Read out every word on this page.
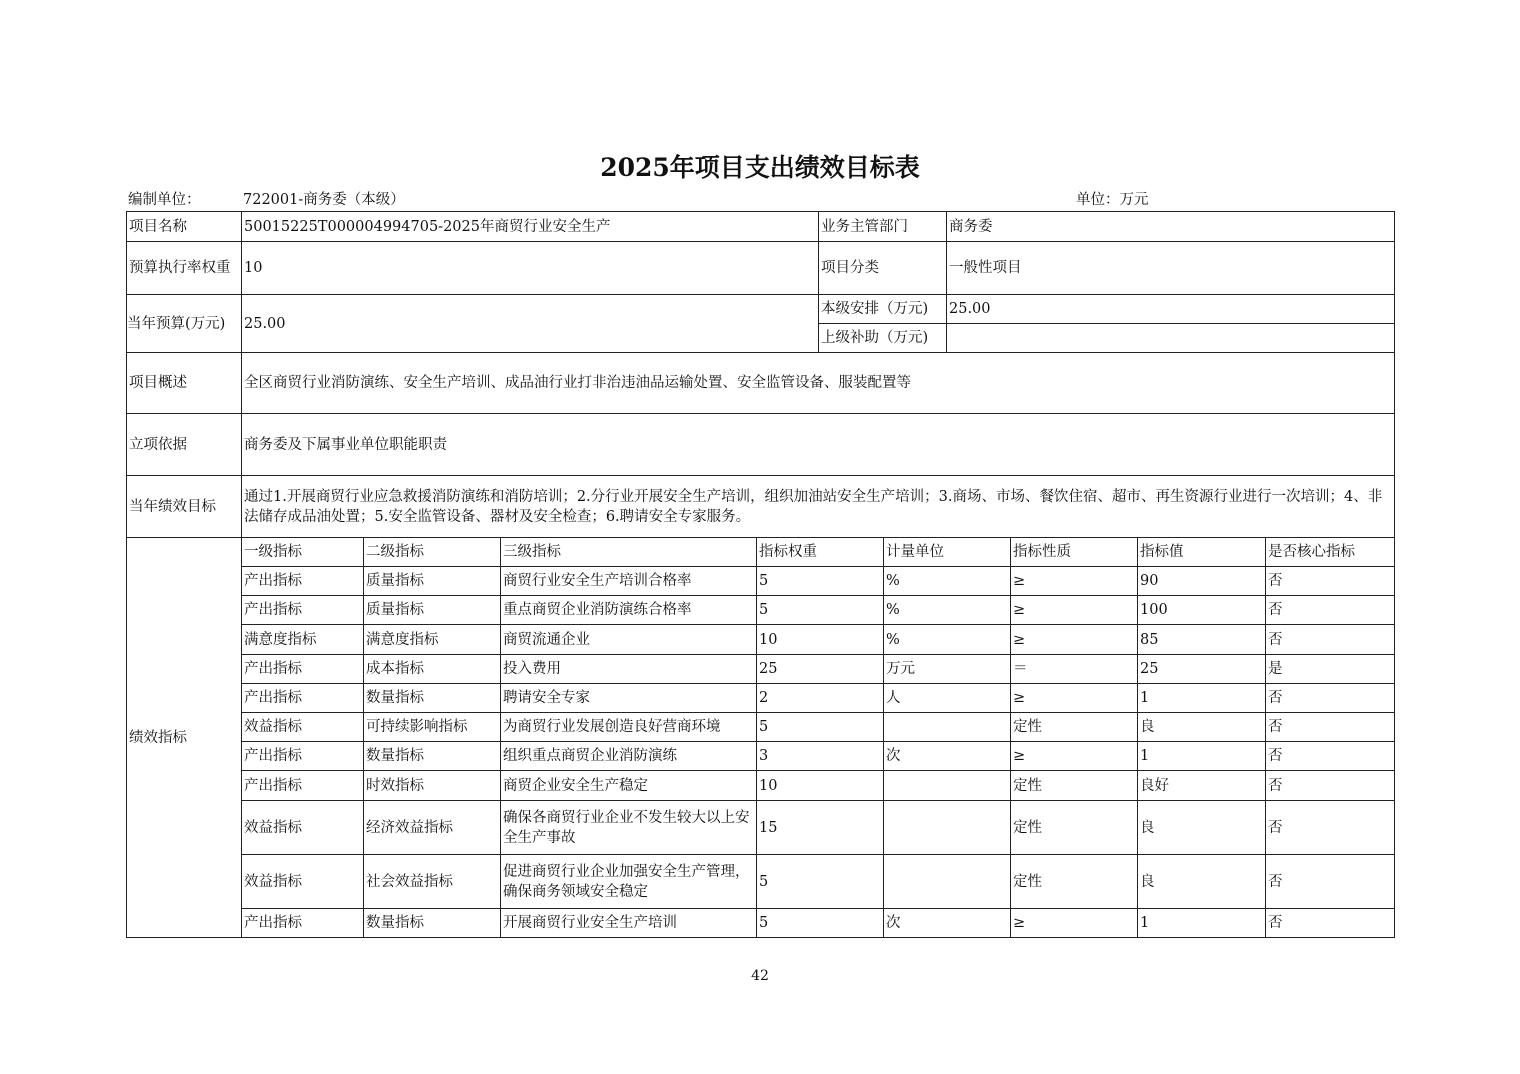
2025年项目支出绩效目标表
编制单位：	722001-商务委（本级）	单位：万元
项目名称	50015225T000004994705-2025年商贸行业安全生产				业务主管部门		商务委			
预算执行率权重	10				项目分类		一般性项目			
当年预算(万元)	25.00				本级安排（万元)		25.00			
					上级补助（万元)					
项目概述	全区商贸行业消防演练、安全生产培训、成品油行业打非治违油品运输处置、安全监管设备、服装配置等									
立项依据	商务委及下属事业单位职能职责									
当年绩效目标	通过1.开展商贸行业应急救援消防演练和消防培训；2.分行业开展安全生产培训，组织加油站安全生产培训；3.商场、市场、餐饮住宿、超市、再生资源行业进行一次培训；4、非法储存成品油处置；5.安全监管设备、器材及安全检查；6.聘请安全专家服务。									
绩效指标	一级指标	二级指标	三级指标	指标权重		计量单位		指标性质	指标值	是否核心指标
	产出指标	质量指标	商贸行业安全生产培训合格率	5		%		≥	90	否
	产出指标	质量指标	重点商贸企业消防演练合格率	5		%		≥	100	否
	满意度指标	满意度指标	商贸流通企业	10		%		≥	85	否
	产出指标	成本指标	投入费用	25		万元		＝	25	是
	产出指标	数量指标	聘请安全专家	2		人		≥	1	否
	效益指标	可持续影响指标	为商贸行业发展创造良好营商环境	5				定性	良	否
	产出指标	数量指标	组织重点商贸企业消防演练	3		次		≥	1	否
	产出指标	时效指标	商贸企业安全生产稳定	10				定性	良好	否
	效益指标	经济效益指标	确保各商贸行业企业不发生较大以上安全生产事故	15				定性	良	否
	效益指标	社会效益指标	促进商贸行业企业加强安全生产管理，确保商务领域安全稳定	5				定性	良	否
	产出指标	数量指标	开展商贸行业安全生产培训	5		次		≥	1	否
42
